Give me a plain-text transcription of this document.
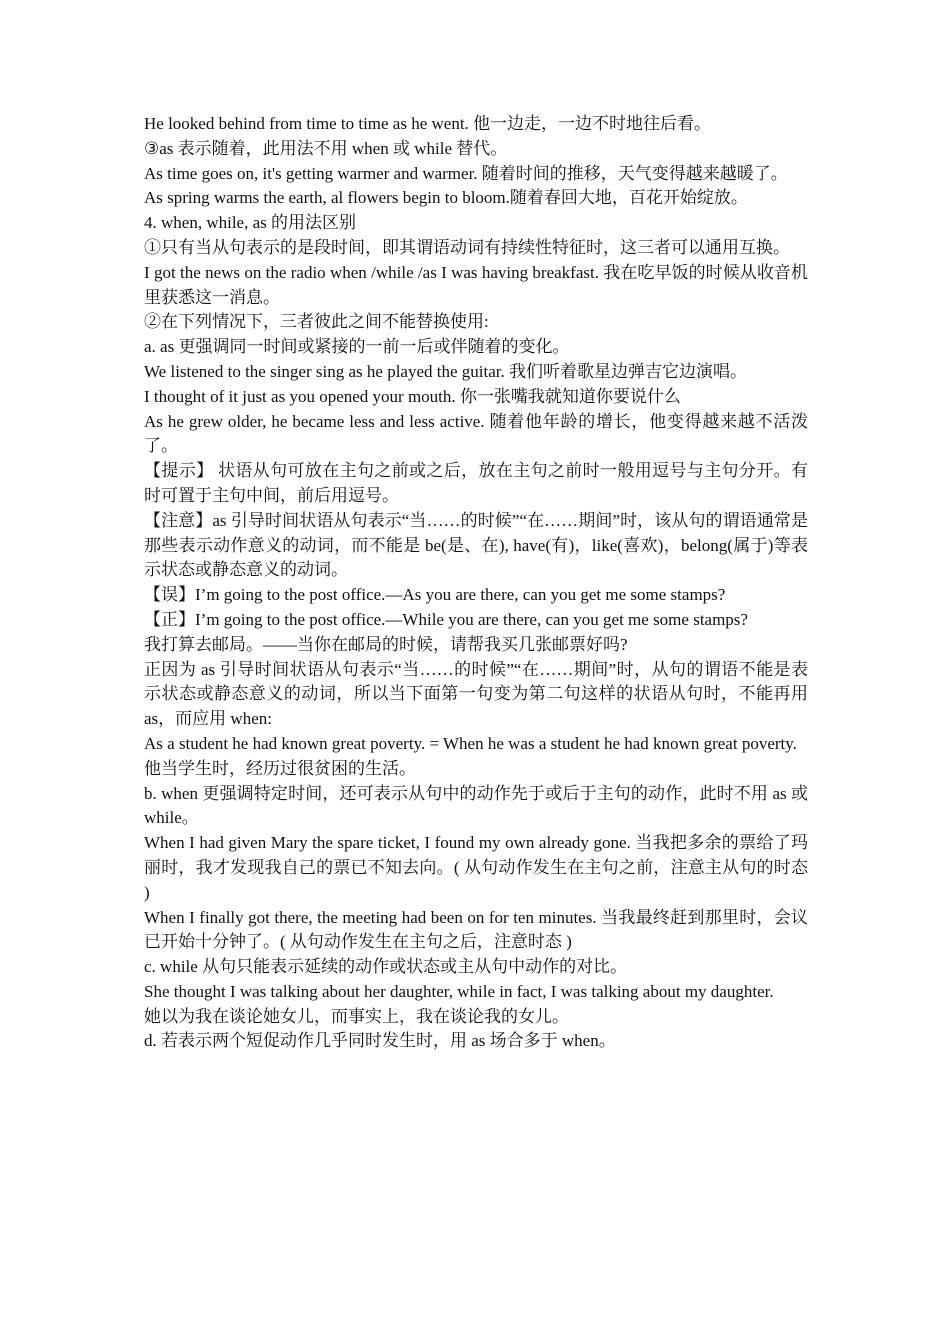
He looked behind from time to time as he went. 他一边走，一边不时地往后看。

③as 表示随着，此用法不用 when 或 while 替代。

As time goes on, it's getting warmer and warmer. 随着时间的推移，天气变得越来越暖了。

As spring warms the earth, al flowers begin to bloom.随着春回大地，百花开始绽放。

4. when, while, as 的用法区别

①只有当从句表示的是段时间，即其谓语动词有持续性特征时，这三者可以通用互换。

I got the news on the radio when /while /as I was having breakfast. 我在吃早饭的时候从收音机里获悉这一消息。

②在下列情况下，三者彼此之间不能替换使用:

a. as 更强调同一时间或紧接的一前一后或伴随着的变化。

We listened to the singer sing as he played the guitar. 我们听着歌星边弹吉它边演唱。

I thought of it just as you opened your mouth. 你一张嘴我就知道你要说什么

As he grew older, he became less and less active. 随着他年龄的增长，他变得越来越不活泼了。

【提示】 状语从句可放在主句之前或之后，放在主句之前时一般用逗号与主句分开。有时可置于主句中间，前后用逗号。

【注意】as 引导时间状语从句表示“当……的时候”“在……期间”时，该从句的谓语通常是那些表示动作意义的动词，而不能是 be(是、在), have(有)，like(喜欢)，belong(属于)等表示状态或静态意义的动词。

【误】I’m going to the post office.—As you are there, can you get me some stamps?

【正】I’m going to the post office.—While you are there, can you get me some stamps?

我打算去邮局。——当你在邮局的时候，请帮我买几张邮票好吗?

正因为 as 引导时间状语从句表示“当……的时候”“在……期间”时，从句的谓语不能是表示状态或静态意义的动词，所以当下面第一句变为第二句这样的状语从句时，不能再用 as，而应用 when:

As a student he had known great poverty. = When he was a student he had known great poverty.

他当学生时，经历过很贫困的生活。

b. when 更强调特定时间，还可表示从句中的动作先于或后于主句的动作，此时不用 as 或 while。

When I had given Mary the spare ticket, I found my own already gone. 当我把多余的票给了玛丽时，我才发现我自己的票已不知去向。( 从句动作发生在主句之前，注意主从句的时态 )

When I finally got there, the meeting had been on for ten minutes. 当我最终赶到那里时，会议已开始十分钟了。( 从句动作发生在主句之后，注意时态 )

c. while 从句只能表示延续的动作或状态或主从句中动作的对比。

She thought I was talking about her daughter, while in fact, I was talking about my daughter.

她以为我在谈论她女儿，而事实上，我在谈论我的女儿。

d. 若表示两个短促动作几乎同时发生时，用 as 场合多于 when。
